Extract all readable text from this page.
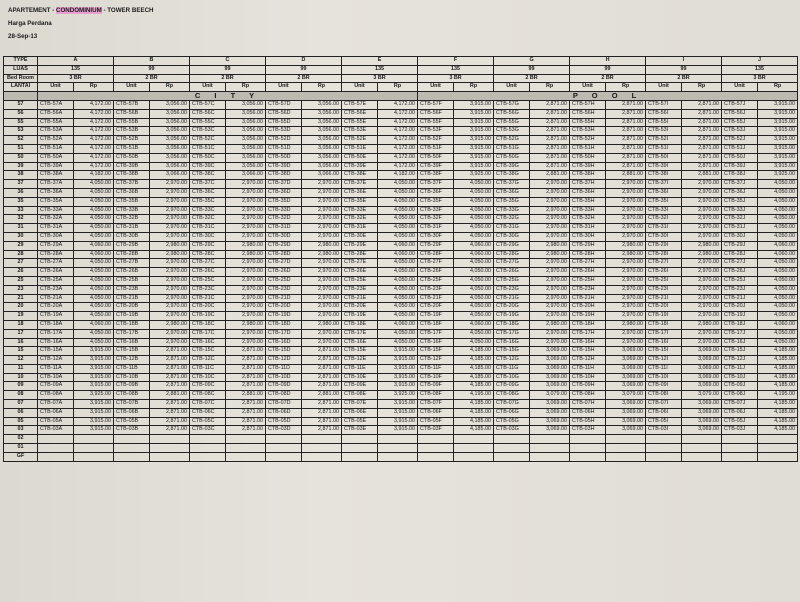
APARTEMENT - CONDOMINIUM - TOWER BEECH
Harga Perdana
28-Sep-13
TYPE	A		B		C		D		E		F		G		H		I		J	
LUAS	135		99		99		99		135		135		99		99		99		135	
Bed Room	3 BR		2 BR		2 BR		2 BR		3 BR		3 BR		2 BR		2 BR		2 BR		3 BR	
LANTAI	Unit	Rp	Unit	Rp	Unit	Rp	Unit	Rp	Unit	Rp	Unit	Rp	Unit	Rp	Unit	Rp	Unit	Rp	Unit	Rp
	C I T Y										P O O L									
57	CTB-57A	4,172.00	CTB-57B	3,056.00	CTB-57C	3,056.00	CTB-57D	3,056.00	CTB-57E	4,172.00	CTB-57F	3,915.00	CTB-57G	2,871.00	CTB-57H	2,871.00	CTB-57I	2,871.00	CTB-57J	3,915.00
56	CTB-56A	4,172.00	CTB-56B	3,056.00	CTB-56C	3,056.00	CTB-56D	3,056.00	CTB-56E	4,172.00	CTB-56F	3,915.00	CTB-56G	2,871.00	CTB-56H	2,871.00	CTB-56I	2,871.00	CTB-56J	3,915.00
55	CTB-55A	4,172.00	CTB-55B	3,056.00	CTB-55C	3,056.00	CTB-55D	3,056.00	CTB-55E	4,172.00	CTB-55F	3,915.00	CTB-55G	2,871.00	CTB-55H	2,871.00	CTB-55I	2,871.00	CTB-55J	3,915.00
53	CTB-53A	4,172.00	CTB-53B	3,056.00	CTB-53C	3,056.00	CTB-53D	3,056.00	CTB-53E	4,172.00	CTB-53F	3,915.00	CTB-53G	2,871.00	CTB-53H	2,871.00	CTB-53I	2,871.00	CTB-53J	3,915.00
52	CTB-52A	4,172.00	CTB-52B	3,056.00	CTB-52C	3,056.00	CTB-52D	3,056.00	CTB-52E	4,172.00	CTB-52F	3,915.00	CTB-52G	2,871.00	CTB-52H	2,871.00	CTB-52I	2,871.00	CTB-52J	3,915.00
51	CTB-51A	4,172.00	CTB-51B	3,056.00	CTB-51C	3,056.00	CTB-51D	3,056.00	CTB-51E	4,172.00	CTB-51F	3,915.00	CTB-51G	2,871.00	CTB-51H	2,871.00	CTB-51I	2,871.00	CTB-51J	3,915.00
50	CTB-50A	4,172.00	CTB-50B	3,056.00	CTB-50C	3,056.00	CTB-50D	3,056.00	CTB-50E	4,172.00	CTB-50F	3,915.00	CTB-50G	2,871.00	CTB-50H	2,871.00	CTB-50I	2,871.00	CTB-50J	3,915.00
39	CTB-39A	4,172.00	CTB-39B	3,056.00	CTB-39C	3,056.00	CTB-39D	3,056.00	CTB-39E	4,172.00	CTB-39F	3,915.00	CTB-39G	2,871.00	CTB-39H	2,871.00	CTB-39I	2,871.00	CTB-39J	3,915.00
38	CTB-38A	4,182.00	CTB-38B	3,066.00	CTB-38C	3,066.00	CTB-38D	3,066.00	CTB-38E	4,182.00	CTB-38F	3,925.00	CTB-38G	2,881.00	CTB-38H	2,881.00	CTB-38I	2,881.00	CTB-38J	3,925.00
37	CTB-37A	4,050.00	CTB-37B	2,970.00	CTB-37C	2,970.00	CTB-37D	2,970.00	CTB-37E	4,050.00	CTB-37F	4,050.00	CTB-37G	2,970.00	CTB-37H	2,970.00	CTB-37I	2,970.00	CTB-37J	4,050.00
36	CTB-36A	4,050.00	CTB-36B	2,970.00	CTB-36C	2,970.00	CTB-36D	2,970.00	CTB-36E	4,050.00	CTB-36F	4,050.00	CTB-36G	2,970.00	CTB-36H	2,970.00	CTB-36I	2,970.00	CTB-36J	4,050.00
35	CTB-35A	4,050.00	CTB-35B	2,970.00	CTB-35C	2,970.00	CTB-35D	2,970.00	CTB-35E	4,050.00	CTB-35F	4,050.00	CTB-35G	2,970.00	CTB-35H	2,970.00	CTB-35I	2,970.00	CTB-35J	4,050.00
33	CTB-33A	4,050.00	CTB-33B	2,970.00	CTB-33C	2,970.00	CTB-33D	2,970.00	CTB-33E	4,050.00	CTB-33F	4,050.00	CTB-33G	2,970.00	CTB-33H	2,970.00	CTB-33I	2,970.00	CTB-33J	4,050.00
32	CTB-32A	4,050.00	CTB-32B	2,970.00	CTB-32C	2,970.00	CTB-32D	2,970.00	CTB-32E	4,050.00	CTB-32F	4,050.00	CTB-32G	2,970.00	CTB-32H	2,970.00	CTB-32I	2,970.00	CTB-32J	4,050.00
31	CTB-31A	4,050.00	CTB-31B	2,970.00	CTB-31C	2,970.00	CTB-31D	2,970.00	CTB-31E	4,050.00	CTB-31F	4,050.00	CTB-31G	2,970.00	CTB-31H	2,970.00	CTB-31I	2,970.00	CTB-31J	4,050.00
30	CTB-30A	4,050.00	CTB-30B	2,970.00	CTB-30C	2,970.00	CTB-30D	2,970.00	CTB-30E	4,050.00	CTB-30F	4,050.00	CTB-30G	2,970.00	CTB-30H	2,970.00	CTB-30I	2,970.00	CTB-30J	4,050.00
29	CTB-29A	4,060.00	CTB-29B	2,980.00	CTB-29C	2,980.00	CTB-29D	2,980.00	CTB-29E	4,060.00	CTB-29F	4,060.00	CTB-29G	2,980.00	CTB-29H	2,980.00	CTB-29I	2,980.00	CTB-29J	4,060.00
28	CTB-28A	4,060.00	CTB-28B	2,980.00	CTB-28C	2,980.00	CTB-28D	2,980.00	CTB-28E	4,060.00	CTB-28F	4,060.00	CTB-28G	2,980.00	CTB-28H	2,980.00	CTB-28I	2,980.00	CTB-28J	4,060.00
27	CTB-27A	4,050.00	CTB-27B	2,970.00	CTB-27C	2,970.00	CTB-27D	2,970.00	CTB-27E	4,050.00	CTB-27F	4,050.00	CTB-27G	2,970.00	CTB-27H	2,970.00	CTB-27I	2,970.00	CTB-27J	4,050.00
26	CTB-26A	4,050.00	CTB-26B	2,970.00	CTB-26C	2,970.00	CTB-26D	2,970.00	CTB-26E	4,050.00	CTB-26F	4,050.00	CTB-26G	2,970.00	CTB-26H	2,970.00	CTB-26I	2,970.00	CTB-26J	4,050.00
25	CTB-25A	4,050.00	CTB-25B	2,970.00	CTB-25C	2,970.00	CTB-25D	2,970.00	CTB-25E	4,050.00	CTB-25F	4,050.00	CTB-25G	2,970.00	CTB-25H	2,970.00	CTB-25I	2,970.00	CTB-25J	4,050.00
23	CTB-23A	4,050.00	CTB-23B	2,970.00	CTB-23C	2,970.00	CTB-23D	2,970.00	CTB-23E	4,050.00	CTB-23F	4,050.00	CTB-23G	2,970.00	CTB-23H	2,970.00	CTB-23I	2,970.00	CTB-23J	4,050.00
21	CTB-21A	4,050.00	CTB-21B	2,970.00	CTB-21C	2,970.00	CTB-21D	2,970.00	CTB-21E	4,050.00	CTB-21F	4,050.00	CTB-21G	2,970.00	CTB-21H	2,970.00	CTB-21I	2,970.00	CTB-21J	4,050.00
20	CTB-20A	4,050.00	CTB-20B	2,970.00	CTB-20C	2,970.00	CTB-20D	2,970.00	CTB-20E	4,050.00	CTB-20F	4,050.00	CTB-20G	2,970.00	CTB-20H	2,970.00	CTB-20I	2,970.00	CTB-20J	4,050.00
19	CTB-19A	4,050.00	CTB-19B	2,970.00	CTB-19C	2,970.00	CTB-19D	2,970.00	CTB-19E	4,050.00	CTB-19F	4,050.00	CTB-19G	2,970.00	CTB-19H	2,970.00	CTB-19I	2,970.00	CTB-19J	4,050.00
18	CTB-18A	4,060.00	CTB-18B	2,980.00	CTB-18C	2,980.00	CTB-18D	2,980.00	CTB-18E	4,060.00	CTB-18F	4,060.00	CTB-18G	2,980.00	CTB-18H	2,980.00	CTB-18I	2,980.00	CTB-18J	4,060.00
17	CTB-17A	4,050.00	CTB-17B	2,970.00	CTB-17C	2,970.00	CTB-17D	2,970.00	CTB-17E	4,050.00	CTB-17F	4,050.00	CTB-17G	2,970.00	CTB-17H	2,970.00	CTB-17I	2,970.00	CTB-17J	4,050.00
16	CTB-16A	4,050.00	CTB-16B	2,970.00	CTB-16C	2,970.00	CTB-16D	2,970.00	CTB-16E	4,050.00	CTB-16F	4,050.00	CTB-16G	2,970.00	CTB-16H	2,970.00	CTB-16I	2,970.00	CTB-16J	4,050.00
15	CTB-15A	3,915.00	CTB-15B	2,871.00	CTB-15C	2,871.00	CTB-15D	2,871.00	CTB-15E	3,915.00	CTB-15F	4,185.00	CTB-15G	3,069.00	CTB-15H	3,069.00	CTB-15I	3,069.00	CTB-15J	4,185.00
12	CTB-12A	3,915.00	CTB-12B	2,871.00	CTB-12C	2,871.00	CTB-12D	2,871.00	CTB-12E	3,915.00	CTB-12F	4,185.00	CTB-12G	3,069.00	CTB-12H	3,069.00	CTB-12I	3,069.00	CTB-12J	4,185.00
11	CTB-11A	3,915.00	CTB-11B	2,871.00	CTB-11C	2,871.00	CTB-11D	2,871.00	CTB-11E	3,915.00	CTB-11F	4,185.00	CTB-11G	3,069.00	CTB-11H	3,069.00	CTB-11I	3,069.00	CTB-11J	4,185.00
10	CTB-10A	3,915.00	CTB-10B	2,871.00	CTB-10C	2,871.00	CTB-10D	2,871.00	CTB-10E	3,915.00	CTB-10F	4,185.00	CTB-10G	3,069.00	CTB-10H	3,069.00	CTB-10I	3,069.00	CTB-10J	4,185.00
09	CTB-09A	3,915.00	CTB-09B	2,871.00	CTB-09C	2,871.00	CTB-09D	2,871.00	CTB-09E	3,915.00	CTB-09F	4,185.00	CTB-09G	3,069.00	CTB-09H	3,069.00	CTB-09I	3,069.00	CTB-09J	4,185.00
08	CTB-08A	3,925.00	CTB-08B	2,881.00	CTB-08C	2,881.00	CTB-08D	2,881.00	CTB-08E	3,925.00	CTB-08F	4,195.00	CTB-08G	3,079.00	CTB-08H	3,079.00	CTB-08I	3,079.00	CTB-08J	4,195.00
07	CTB-07A	3,915.00	CTB-07B	2,871.00	CTB-07C	2,871.00	CTB-07D	2,871.00	CTB-07E	3,915.00	CTB-07F	4,185.00	CTB-07G	3,069.00	CTB-07H	3,069.00	CTB-07I	3,069.00	CTB-07J	4,185.00
06	CTB-06A	3,915.00	CTB-06B	2,871.00	CTB-06C	2,871.00	CTB-06D	2,871.00	CTB-06E	3,915.00	CTB-06F	4,185.00	CTB-06G	3,069.00	CTB-06H	3,069.00	CTB-06I	3,069.00	CTB-06J	4,185.00
05	CTB-05A	3,915.00	CTB-05B	2,871.00	CTB-05C	2,871.00	CTB-05D	2,871.00	CTB-05E	3,915.00	CTB-05F	4,185.00	CTB-05G	3,069.00	CTB-05H	3,069.00	CTB-05I	3,069.00	CTB-05J	4,185.00
03	CTB-03A	3,915.00	CTB-03B	2,871.00	CTB-03C	2,871.00	CTB-03D	2,871.00	CTB-03E	3,915.00	CTB-03F	4,185.00	CTB-03G	3,069.00	CTB-03H	3,069.00	CTB-03I	3,069.00	CTB-03J	4,185.00
02																				
01																				
GF																				
